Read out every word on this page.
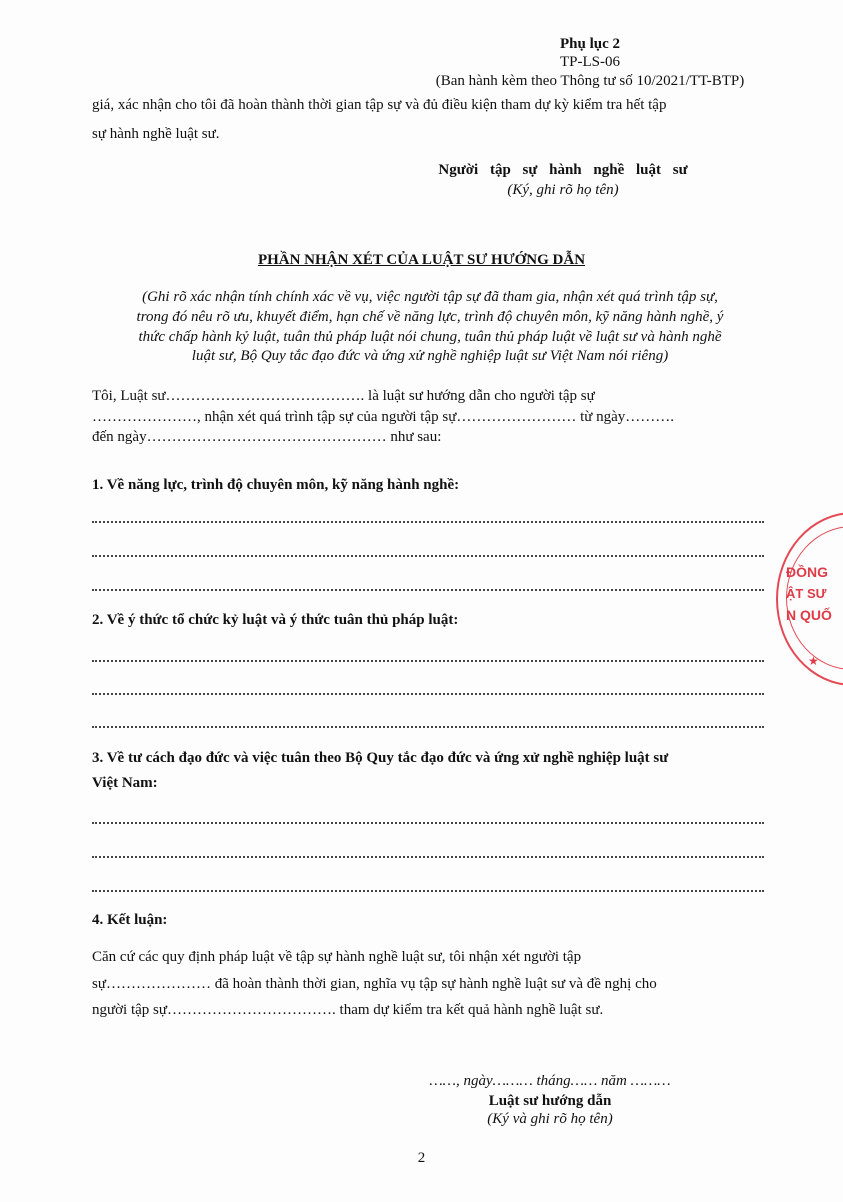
Phụ lục 2
TP-LS-06
(Ban hành kèm theo Thông tư số 10/2021/TT-BTP)
giá, xác nhận cho tôi đã hoàn thành thời gian tập sự và đủ điều kiện tham dự kỳ kiểm tra hết tập
sự hành nghề luật sư.
Người tập sự hành nghề luật sư
(Ký, ghi rõ họ tên)
PHẦN NHẬN XÉT CỦA LUẬT SƯ HƯỚNG DẪN
(Ghi rõ xác nhận tính chính xác về vụ, việc người tập sự đã tham gia, nhận xét quá trình tập sự,
trong đó nêu rõ ưu, khuyết điểm, hạn chế về năng lực, trình độ chuyên môn, kỹ năng hành nghề, ý
thức chấp hành kỷ luật, tuân thủ pháp luật nói chung, tuân thủ pháp luật về luật sư và hành nghề
luật sư, Bộ Quy tắc đạo đức và ứng xử nghề nghiệp luật sư Việt Nam nói riêng)
Tôi, Luật sư…………………………………. là luật sư hướng dẫn cho người tập sự
…………………, nhận xét quá trình tập sự của người tập sự…………………… từ ngày……….
đến ngày………………………………………… như sau:
1. Về năng lực, trình độ chuyên môn, kỹ năng hành nghề:
2. Về ý thức tổ chức kỷ luật và ý thức tuân thủ pháp luật:
3. Về tư cách đạo đức và việc tuân theo Bộ Quy tắc đạo đức và ứng xử nghề nghiệp luật sư
Việt Nam:
4. Kết luận:
Căn cứ các quy định pháp luật về tập sự hành nghề luật sư, tôi nhận xét người tập
sự………………… đã hoàn thành thời gian, nghĩa vụ tập sự hành nghề luật sư và đề nghị cho
người tập sự……………………………. tham dự kiểm tra kết quả hành nghề luật sư.
……, ngày……… tháng…… năm ………
Luật sư hướng dẫn
(Ký và ghi rõ họ tên)
2
ĐỒNG
ẬT SƯ
N QUỐ
★
